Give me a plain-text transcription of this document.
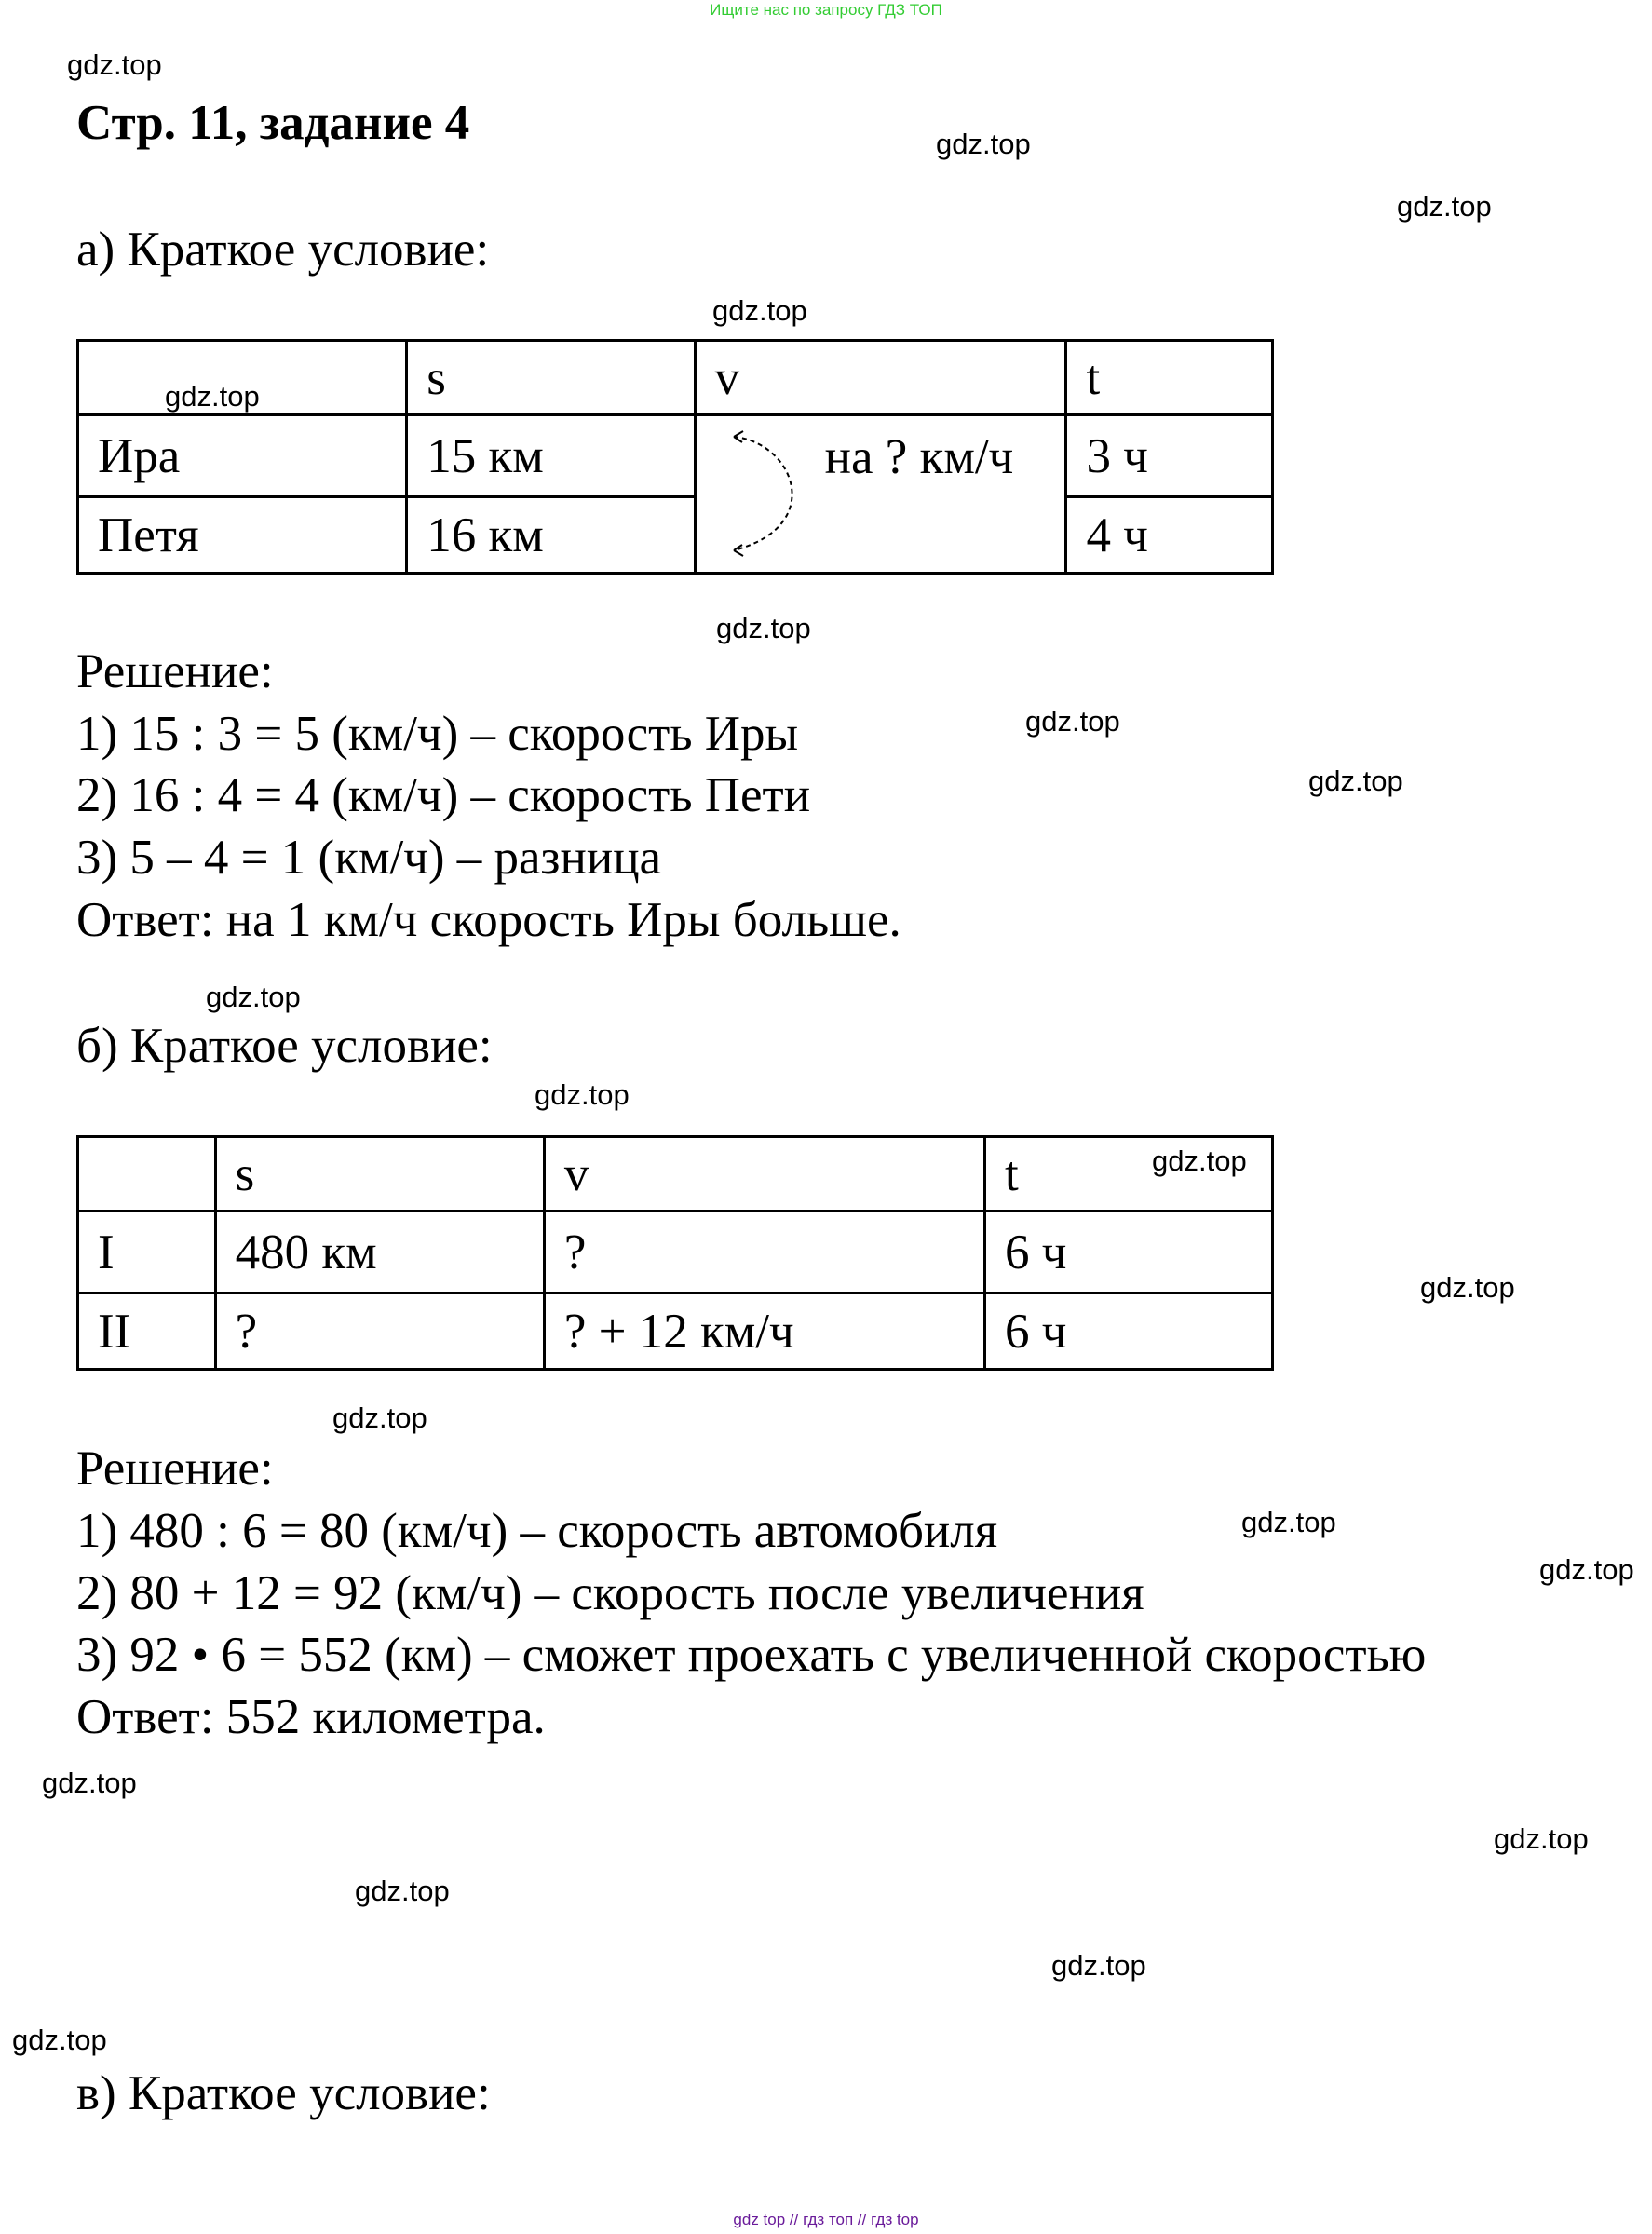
Ищите нас по запросу ГДЗ ТОП
Стр. 11, задание 4
а) Краткое условие:
	s	v	t
Ира	15 км	на ? км/ч	3 ч
Петя	16 км		4 ч
Решение:
1) 15 : 3 = 5 (км/ч) – скорость Иры
2) 16 : 4 = 4 (км/ч) – скорость Пети
3) 5 – 4 = 1 (км/ч) – разница
Ответ: на 1 км/ч скорость Иры больше.
б) Краткое условие:
	s	v	t
I	480 км	?	6 ч
II	?	? + 12 км/ч	6 ч
Решение:
1) 480 : 6 = 80 (км/ч) – скорость автомобиля
2) 80 + 12 = 92 (км/ч) – скорость после увеличения
3) 92 • 6 = 552 (км) – сможет проехать с увеличенной скоростью
Ответ: 552 километра.
в) Краткое условие:
gdz.top
gdz.top
gdz.top
gdz.top
gdz.top
gdz.top
gdz.top
gdz.top
gdz.top
gdz.top
gdz.top
gdz.top
gdz.top
gdz.top
gdz.top
gdz.top
gdz.top
gdz.top
gdz.top
gdz.top
gdz top // гдз топ // гдз top
